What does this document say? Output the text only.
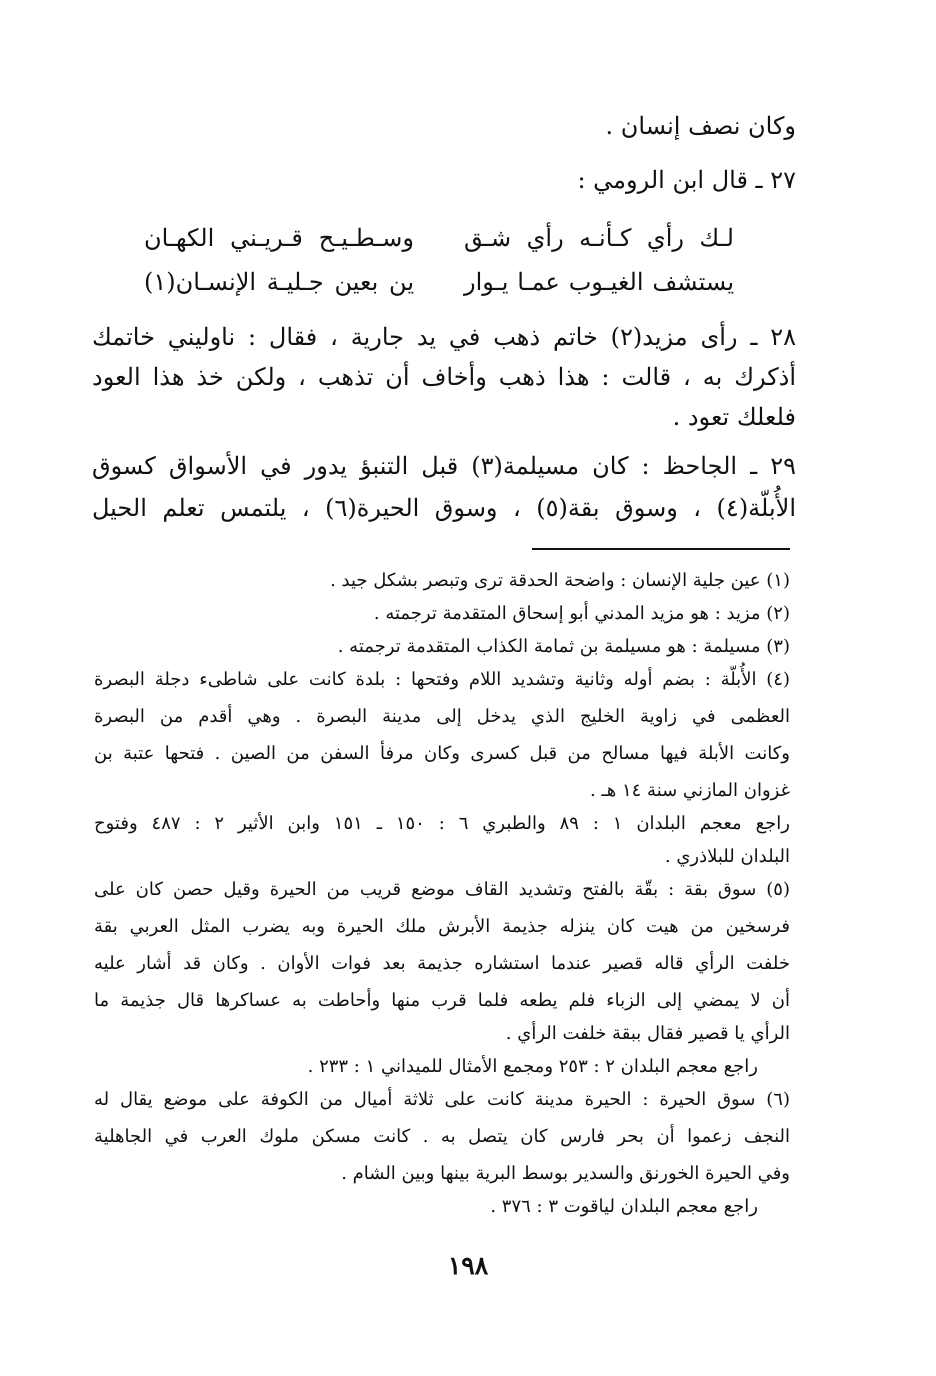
وكان نصف إنسان .
٢٧ ـ قال ابن الرومي :
لـك رأي كـأنـه رأي شـق
وسـطـيـح قـريـني الكهـان
يستشف الغيـوب عمـا يـوار
ين بعين جـليـة الإنسـان(١)
٢٨ ـ رأى مزيد(٢) خاتم ذهب في يد جارية ، فقال : ناوليني خاتمك
أذكرك به ، قالت : هذا ذهب وأخاف أن تذهب ، ولكن خذ هذا العود
فلعلك تعود .
٢٩ ـ الجاحظ : كان مسيلمة(٣) قبل التنبؤ يدور في الأسواق كسوق
الأُبلّة(٤) ، وسوق بقة(٥) ، وسوق الحيرة(٦) ، يلتمس تعلم الحيل
(١) عين جلية الإنسان : واضحة الحدقة ترى وتبصر بشكل جيد .
(٢) مزيد : هو مزيد المدني أبو إسحاق المتقدمة ترجمته .
(٣) مسيلمة : هو مسيلمة بن ثمامة الكذاب المتقدمة ترجمته .
(٤) الأُبلّة : بضم أوله وثانية وتشديد اللام وفتحها : بلدة كانت على شاطىء دجلة البصرة
العظمى في زاوية الخليج الذي يدخل إلى مدينة البصرة . وهي أقدم من البصرة
وكانت الأبلة فيها مسالح من قبل كسرى وكان مرفأ السفن من الصين . فتحها عتبة بن
غزوان المازني سنة ١٤ هـ .
راجع معجم البلدان ١ : ٨٩ والطبري ٦ : ١٥٠ ـ ١٥١ وابن الأثير ٢ : ٤٨٧ وفتوح
البلدان للبلاذري .
(٥) سوق بقة : بقّة بالفتح وتشديد القاف موضع قريب من الحيرة وقيل حصن كان على
فرسخين من هيت كان ينزله جذيمة الأبرش ملك الحيرة وبه يضرب المثل العربي بقة
خلفت الرأي قاله قصير عندما استشاره جذيمة بعد فوات الأوان . وكان قد أشار عليه
أن لا يمضي إلى الزباء فلم يطعه فلما قرب منها وأحاطت به عساكرها قال جذيمة ما
الرأي يا قصير فقال ببقة خلفت الرأي .
راجع معجم البلدان ٢ : ٢٥٣ ومجمع الأمثال للميداني ١ : ٢٣٣ .
(٦) سوق الحيرة : الحيرة مدينة كانت على ثلاثة أميال من الكوفة على موضع يقال له
النجف زعموا أن بحر فارس كان يتصل به . كانت مسكن ملوك العرب في الجاهلية
وفي الحيرة الخورنق والسدير بوسط البرية بينها وبين الشام .
راجع معجم البلدان لياقوت ٣ : ٣٧٦ .
١٩٨
